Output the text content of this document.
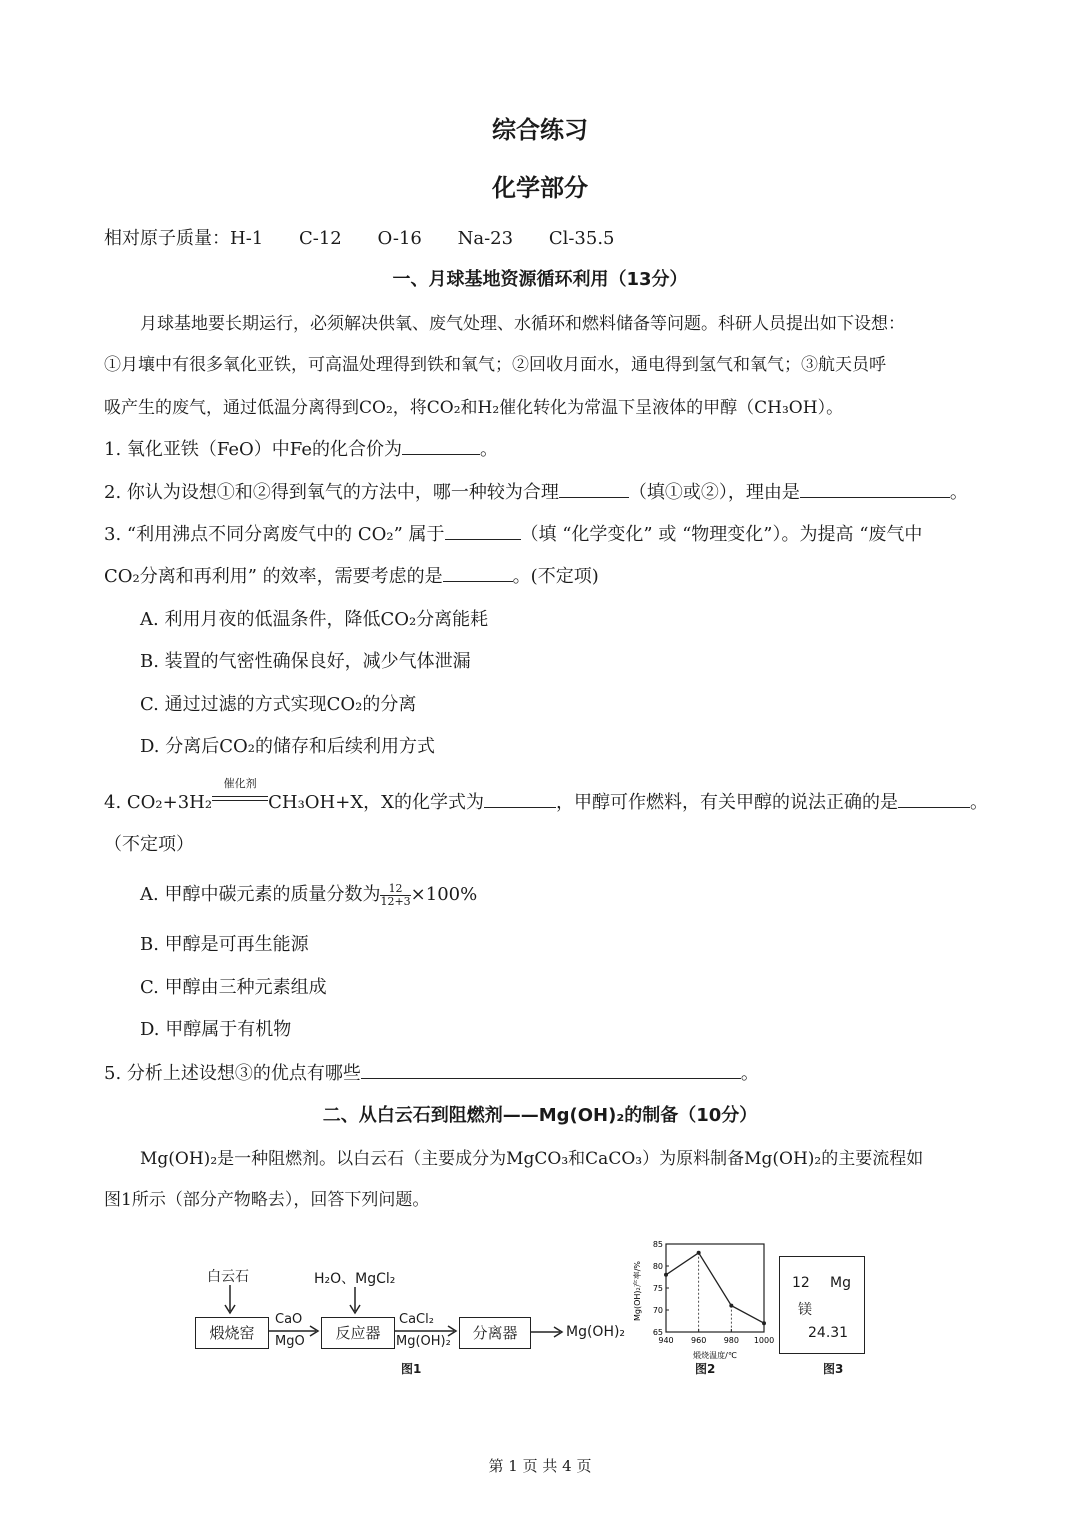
综合练习
化学部分
相对原子质量：H-1 C-12 O-16 Na-23 Cl-35.5
一、月球基地资源循环利用（13分）
月球基地要长期运行，必须解决供氧、废气处理、水循环和燃料储备等问题。科研人员提出如下设想：
①月壤中有很多氧化亚铁，可高温处理得到铁和氧气；②回收月面水，通电得到氢气和氧气；③航天员呼
吸产生的废气，通过低温分离得到CO₂，将CO₂和H₂催化转化为常温下呈液体的甲醇（CH₃OH）。
1. 氧化亚铁（FeO）中Fe的化合价为	。
2. 你认为设想①和②得到氧气的方法中，哪一种较为合理	（填①或②），理由是	。
3. “利用沸点不同分离废气中的 CO₂” 属于	（填 “化学变化” 或 “物理变化”）。为提高 “废气中
CO₂分离和再利用” 的效率，需要考虑的是	。(不定项)
A. 利用月夜的低温条件，降低CO₂分离能耗
B. 装置的气密性确保良好，减少气体泄漏
C. 通过过滤的方式实现CO₂的分离
D. 分离后CO₂的储存和后续利用方式
4. CO₂+3H₂
催化剂
CH₃OH+X，X的化学式为	，甲醇可作燃料，有关甲醇的说法正确的是	。
（不定项）
A. 甲醇中碳元素的质量分数为 $\frac{12}{12+3} \times 100\%$
B. 甲醇是可再生能源
C. 甲醇由三种元素组成
D. 甲醇属于有机物
5. 分析上述设想③的优点有哪些	。
二、从白云石到阻燃剂——Mg(OH)₂的制备（10分）
Mg(OH)₂是一种阻燃剂。以白云石（主要成分为MgCO₃和CaCO₃）为原料制备Mg(OH)₂的主要流程如
图1所示（部分产物略去），回答下列问题。
白云石	H₂O、MgCl₂
煅烧窑
CaO
MgO	反应器
CaCl₂
Mg(OH)₂	分离器	Mg(OH)₂
图1
Mg(OH)₂产率/%
煅烧温度/℃
65
70
75
80
85
940 960 980 1000
图2
12 Mg
镁
24.31
图3
第 1 页 共 4 页
